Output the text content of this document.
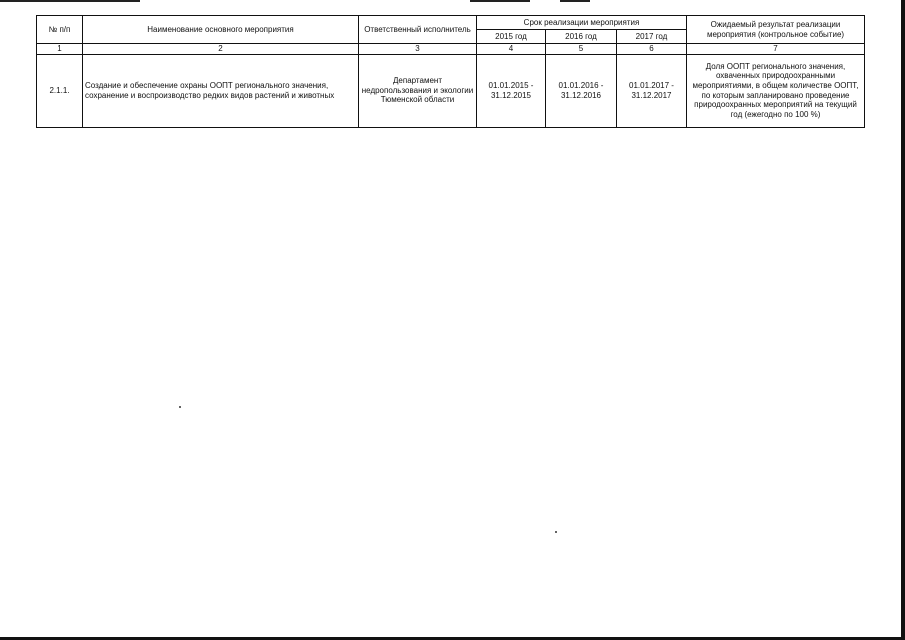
№ п/п	Наименование основного мероприятия	Ответственный исполнитель	Срок реализации мероприятия			Ожидаемый результат реализации мероприятия (контрольное событие)
			2015 год	2016 год	2017 год	
1	2	3	4	5	6	7
2.1.1.	Создание и обеспечение охраны ООПТ регионального значения, сохранение и воспроизводство редких видов растений и животных	Департамент недропользования и экологии Тюменской области	01.01.2015 - 31.12.2015	01.01.2016 - 31.12.2016	01.01.2017 - 31.12.2017	Доля ООПТ регионального значения, охваченных природоохранными мероприятиями, в общем количестве ООПТ, по которым запланировано проведение природоохранных мероприятий на текущий год (ежегодно по 100 %)
